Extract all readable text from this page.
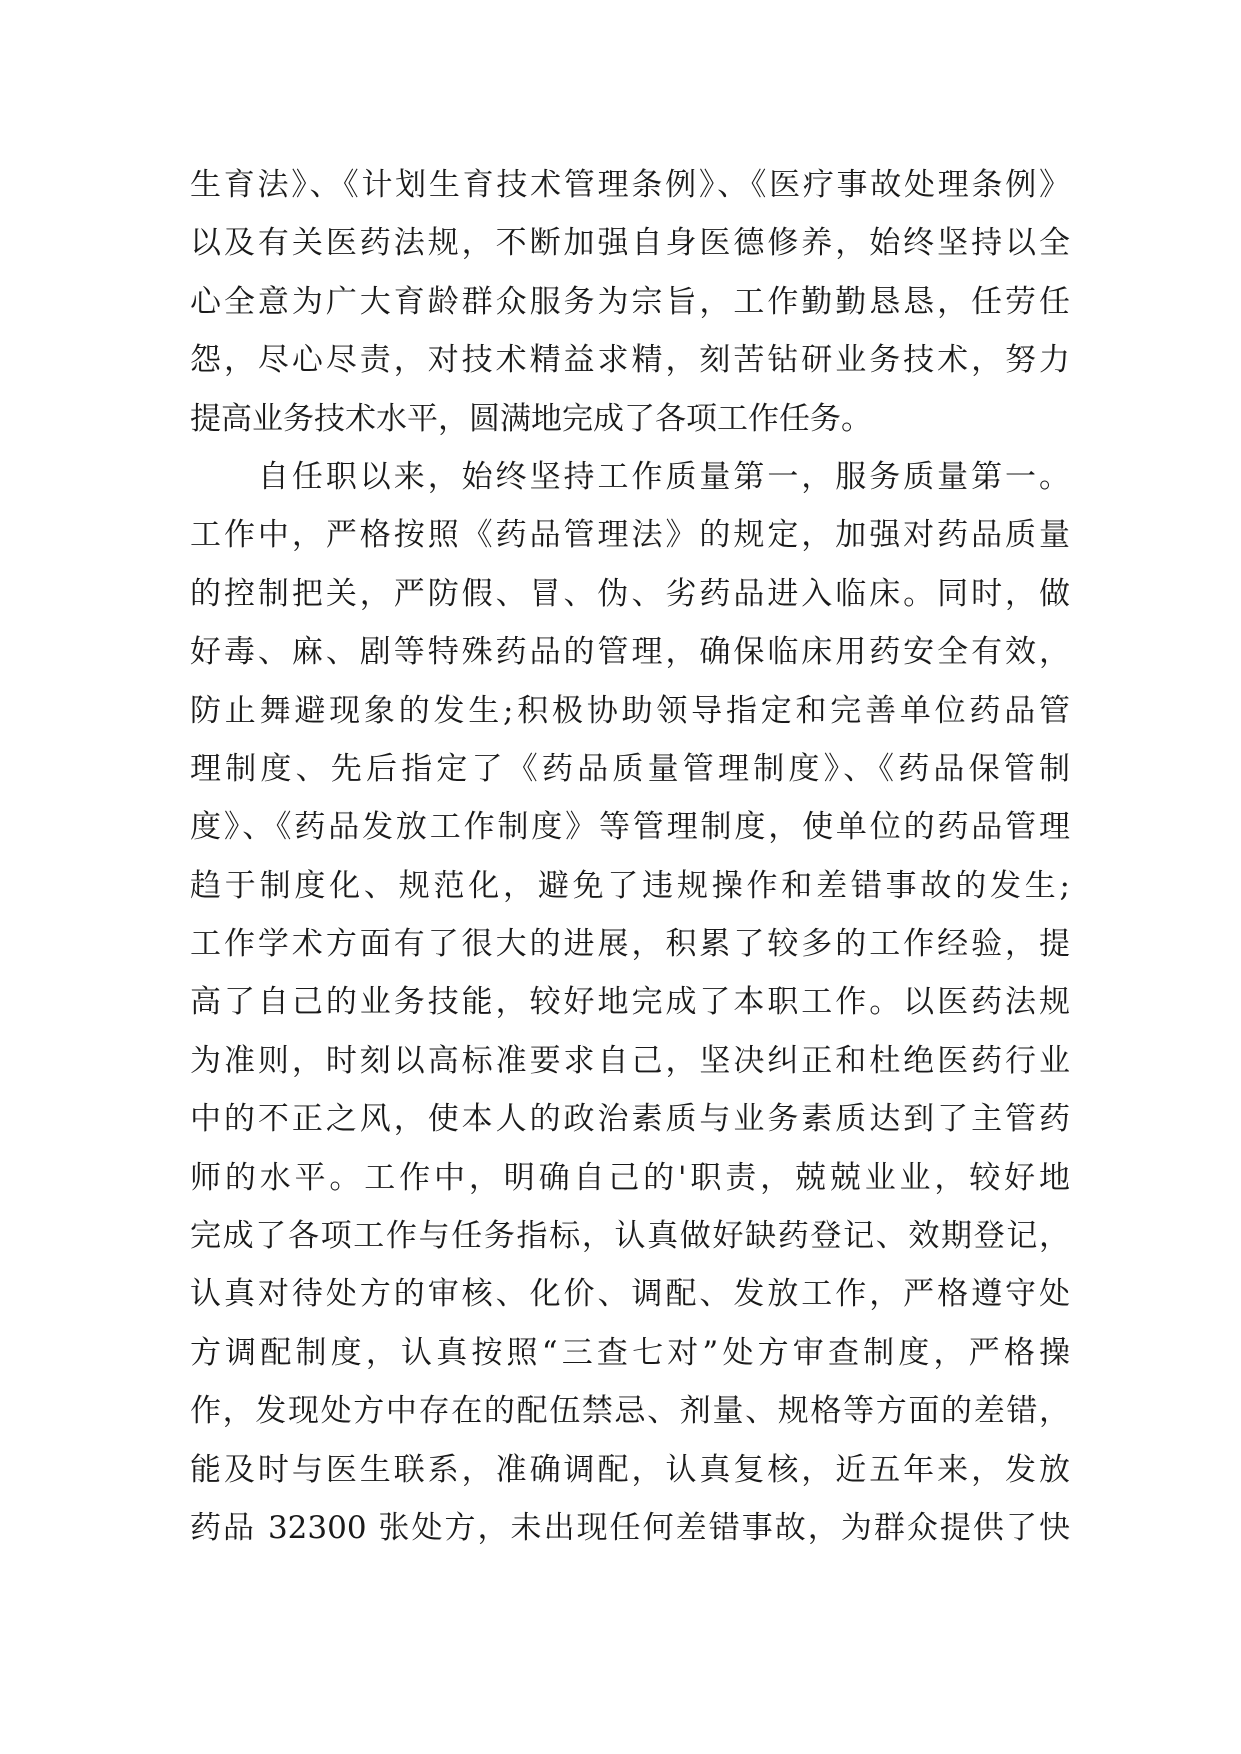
生育法》、《计划生育技术管理条例》、《医疗事故处理条例》
以及有关医药法规，不断加强自身医德修养，始终坚持以全
心全意为广大育龄群众服务为宗旨，工作勤勤恳恳，任劳任
怨，尽心尽责，对技术精益求精，刻苦钻研业务技术，努力
提高业务技术水平，圆满地完成了各项工作任务。
　　自任职以来，始终坚持工作质量第一，服务质量第一。
工作中，严格按照《药品管理法》的规定，加强对药品质量
的控制把关，严防假、冒、伪、劣药品进入临床。同时，做
好毒、麻、剧等特殊药品的管理，确保临床用药安全有效，
防止舞避现象的发生;积极协助领导指定和完善单位药品管
理制度、先后指定了《药品质量管理制度》、《药品保管制
度》、《药品发放工作制度》等管理制度，使单位的药品管理
趋于制度化、规范化，避免了违规操作和差错事故的发生;
工作学术方面有了很大的进展，积累了较多的工作经验，提
高了自己的业务技能，较好地完成了本职工作。以医药法规
为准则，时刻以高标准要求自己，坚决纠正和杜绝医药行业
中的不正之风，使本人的政治素质与业务素质达到了主管药
师的水平。工作中，明确自己的'职责，兢兢业业，较好地
完成了各项工作与任务指标，认真做好缺药登记、效期登记，
认真对待处方的审核、化价、调配、发放工作，严格遵守处
方调配制度，认真按照“三查七对”处方审查制度，严格操
作，发现处方中存在的配伍禁忌、剂量、规格等方面的差错，
能及时与医生联系，准确调配，认真复核，近五年来，发放
药品 32300 张处方，未出现任何差错事故，为群众提供了快
